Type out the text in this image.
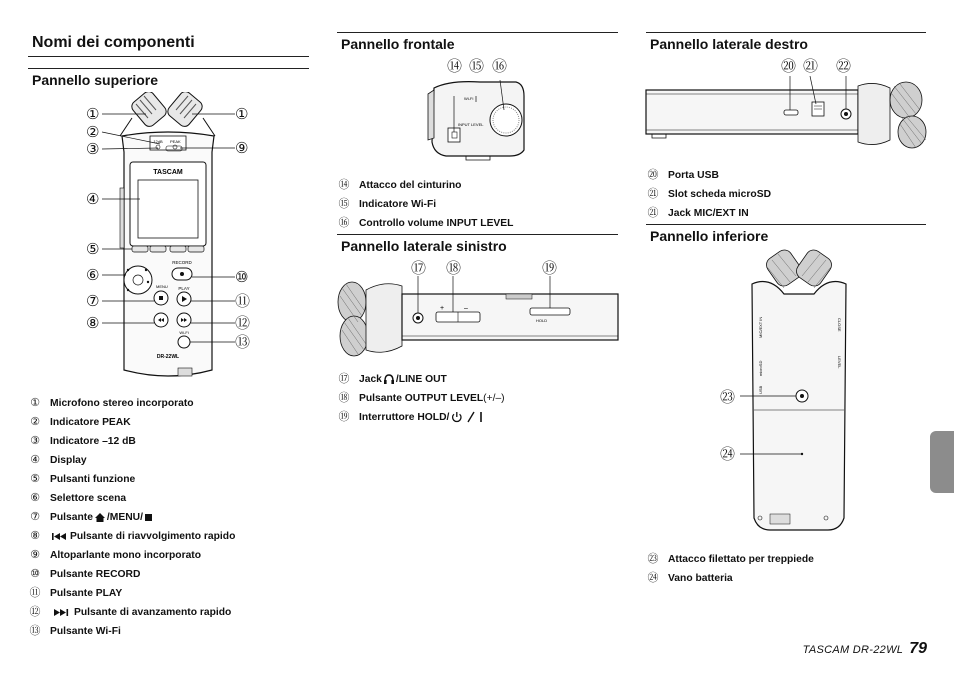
Nomi dei componenti
Pannello superiore
-12dB PEAK
TASCAM
RECORD
PLAY
MENU
Wi-Fi
DR-22WL
①
②
③
④
⑤
⑥
⑦
⑧
①
⑨
⑩
⑪
⑫
⑬
① Microfono stereo incorporato
② Indicatore PEAK
③ Indicatore –12 dB
④ Display
⑤ Pulsanti funzione
⑥ Selettore scena
⑦ Pulsante /MENU/
⑧	Pulsante di riavvolgimento rapido
⑨ Altoparlante mono incorporato
⑩ Pulsante RECORD
⑪ Pulsante PLAY
⑫	Pulsante di avanzamento rapido
⑬ Pulsante Wi-Fi
Pannello frontale
⑭ ⑮ ⑯
Wi-Fi
INPUT LEVEL
⑭ Attacco del cinturino
⑮ Indicatore Wi-Fi
⑯ Controllo volume INPUT LEVEL
Pannello laterale sinistro
⑰ ⑱	⑲
+	–
HOLD
⑰ Jack /LINE OUT
⑱ Pulsante OUTPUT LEVEL (+/–)
⑲ Interruttore HOLD/
Pannello laterale destro
⑳ ㉑ ㉒
⑳ Porta USB
㉑ Slot scheda microSD
㉑ Jack MIC/EXT IN
Pannello inferiore
MIC/EXT IN
microSD
USB
CLOSE
LEVEL
㉓
㉔
㉓ Attacco filettato per treppiede
㉔ Vano batteria
TASCAM DR-22WL 79
